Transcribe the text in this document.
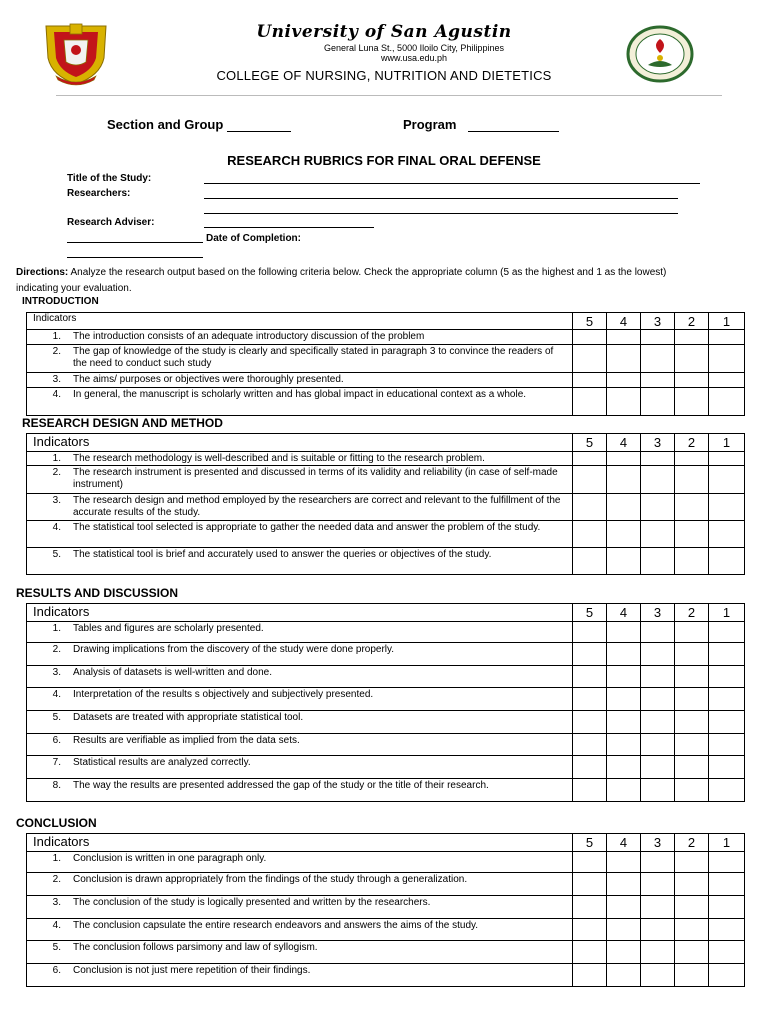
University of San Agustin
General Luna St., 5000 Iloilo City, Philippines
www.usa.edu.ph
COLLEGE OF NURSING, NUTRITION AND DIETETICS
Section and Group	Program
RESEARCH RUBRICS FOR FINAL ORAL DEFENSE
Title of the Study:
Researchers:
Research Adviser:
Date of Completion:
Directions: Analyze the research output based on the following criteria below. Check the appropriate column (5 as the highest and 1 as the lowest) indicating your evaluation.
INTRODUCTION
Indicators	5	4	3	2	1

1. The introduction consists of an adequate introductory discussion of the problem					

2. The gap of knowledge of the study is clearly and specifically stated in paragraph 3 to convince the readers of the need to conduct such study					

3. The aims/ purposes or objectives were thoroughly presented.					

4. In general, the manuscript is scholarly written and has global impact in educational context as a whole.					

RESEARCH DESIGN AND METHOD
Indicators	5	4	3	2	1

1. The research methodology is well-described and is suitable or fitting to the research problem.					

2. The research instrument is presented and discussed in terms of its validity and reliability (in case of self-made instrument)					

3. The research design and method employed by the researchers are correct and relevant to the fulfillment of the accurate results of the study.					

4. The statistical tool selected is appropriate to gather the needed data and answer the problem of the study.					

5. The statistical tool is brief and accurately used to answer the queries or objectives of the study.					

RESULTS AND DISCUSSION
Indicators	5	4	3	2	1

1. Tables and figures are scholarly presented.					

2. Drawing implications from the discovery of the study were done properly.					

3. Analysis of datasets is well-written and done.					

4. Interpretation of the results s objectively and subjectively presented.					

5. Datasets are treated with appropriate statistical tool.					

6. Results are verifiable as implied from the data sets.					

7. Statistical results are analyzed correctly.					

8. The way the results are presented addressed the gap of the study or the title of their research.					

CONCLUSION
Indicators	5	4	3	2	1

1. Conclusion is written in one paragraph only.					

2. Conclusion is drawn appropriately from the findings of the study through a generalization.					

3. The conclusion of the study is logically presented and written by the researchers.					

4. The conclusion capsulate the entire research endeavors and answers the aims of the study.					

5. The conclusion follows parsimony and law of syllogism.					

6. Conclusion is not just mere repetition of their findings.					
